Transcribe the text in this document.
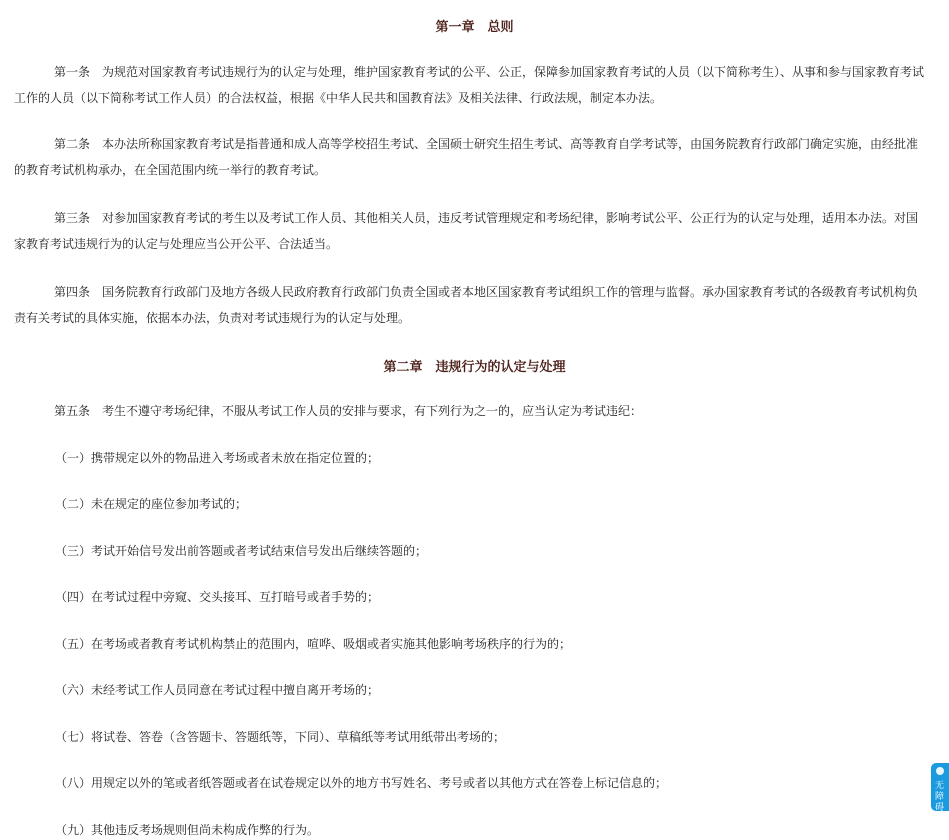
第一章　总则

第一条　 为规范对国家教育考试违规行为的认定与处理，维护国家教育考试的公平、公正，保障参加国家教育考试的人员（以下简称考生）、从事和参与国家教育考试工作的人员（以下简称考试工作人员）的合法权益，根据《中华人民共和国教育法》及相关法律、行政法规，制定本办法。

第二条　 本办法所称国家教育考试是指普通和成人高等学校招生考试、全国硕士研究生招生考试、高等教育自学考试等，由国务院教育行政部门确定实施，由经批准的教育考试机构承办，在全国范围内统一举行的教育考试。

第三条　 对参加国家教育考试的考生以及考试工作人员、其他相关人员，违反考试管理规定和考场纪律，影响考试公平、公正行为的认定与处理，适用本办法。对国家教育考试违规行为的认定与处理应当公开公平、合法适当。

第四条　 国务院教育行政部门及地方各级人民政府教育行政部门负责全国或者本地区国家教育考试组织工作的管理与监督。承办国家教育考试的各级教育考试机构负责有关考试的具体实施，依据本办法，负责对考试违规行为的认定与处理。

第二章　违规行为的认定与处理

第五条　 考生不遵守考场纪律，不服从考试工作人员的安排与要求，有下列行为之一的，应当认定为考试违纪：

（一）携带规定以外的物品进入考场或者未放在指定位置的；
（二）未在规定的座位参加考试的；
（三）考试开始信号发出前答题或者考试结束信号发出后继续答题的；
（四）在考试过程中旁窥、交头接耳、互打暗号或者手势的；
（五）在考场或者教育考试机构禁止的范围内，喧哗、吸烟或者实施其他影响考场秩序的行为的；
（六）未经考试工作人员同意在考试过程中擅自离开考场的；
（七）将试卷、答卷（含答题卡、答题纸等，下同）、草稿纸等考试用纸带出考场的；
（八）用规定以外的笔或者纸答题或者在试卷规定以外的地方书写姓名、考号或者以其他方式在答卷上标记信息的；
（九）其他违反考场规则但尚未构成作弊的行为。
无障碍浏
